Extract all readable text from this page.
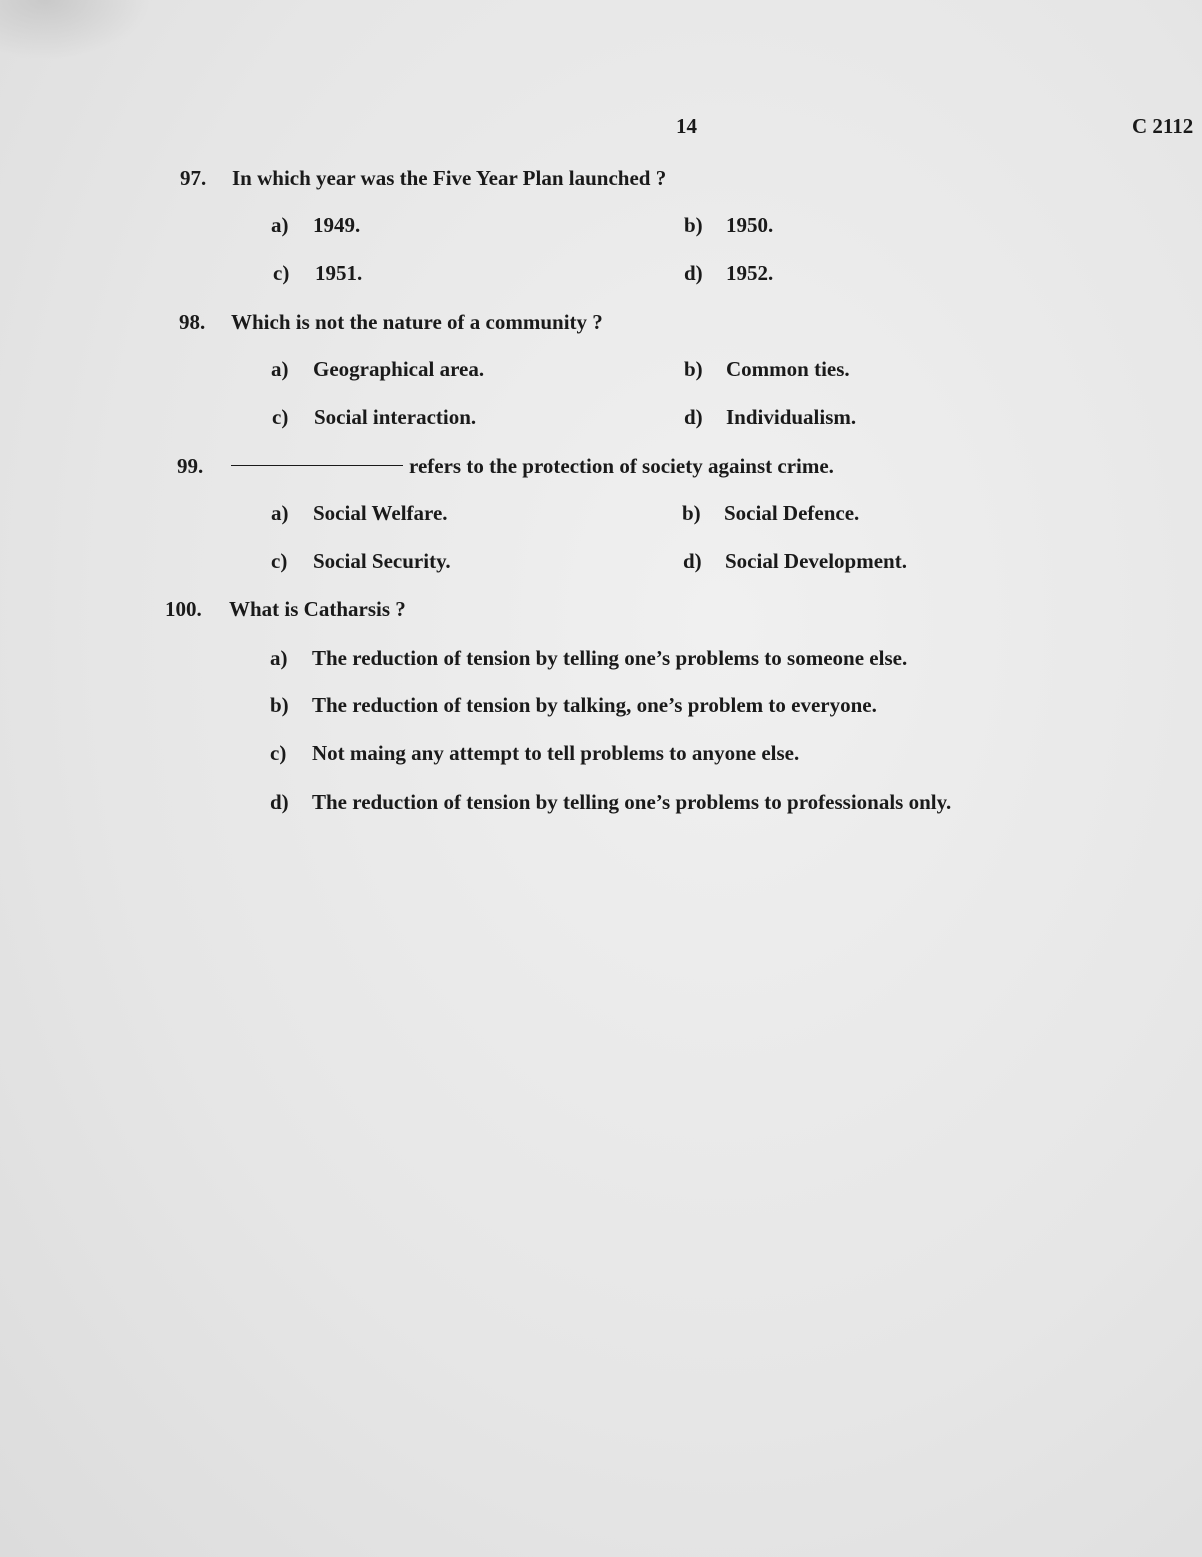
14	C 2112
97. In which year was the Five Year Plan launched ?
a) 1949.	b) 1950.
c) 1951.	d) 1952.
98. Which is not the nature of a community ?
a) Geographical area.	b) Common ties.
c) Social interaction.	d) Individualism.
99.	refers to the protection of society against crime.
a) Social Welfare.	b) Social Defence.
c) Social Security.	d) Social Development.
100. What is Catharsis ?
a) The reduction of tension by telling one’s problems to someone else.
b) The reduction of tension by talking, one’s problem to everyone.
c) Not maing any attempt to tell problems to anyone else.
d) The reduction of tension by telling one’s problems to professionals only.
